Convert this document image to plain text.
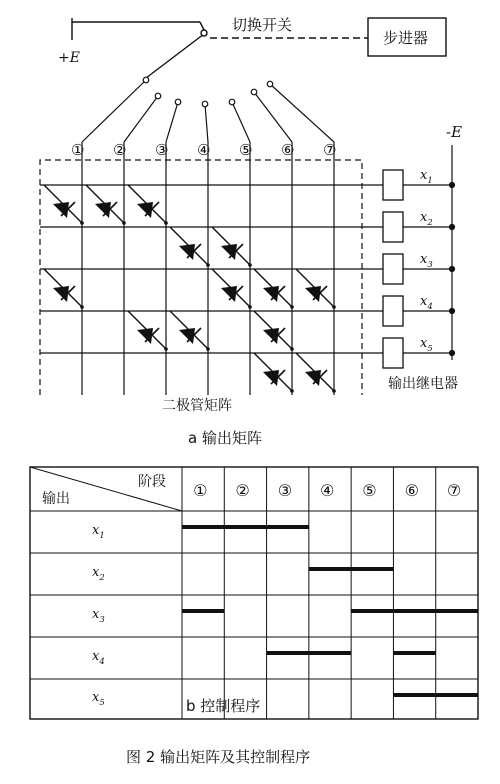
+E
切换开关
步进器
① ② ③ ④ ⑤ ⑥ ⑦
$x_1$
$x_2$
$x_3$
$x_4$
$x_5$
-E
输出继电器
二极管矩阵
a 输出矩阵
阶段
输出	① ② ③ ④ ⑤ ⑥ ⑦
$x_1$
$x_2$
$x_3$
$x_4$
$x_5$	b 控制程序
图 2 输出矩阵及其控制程序
